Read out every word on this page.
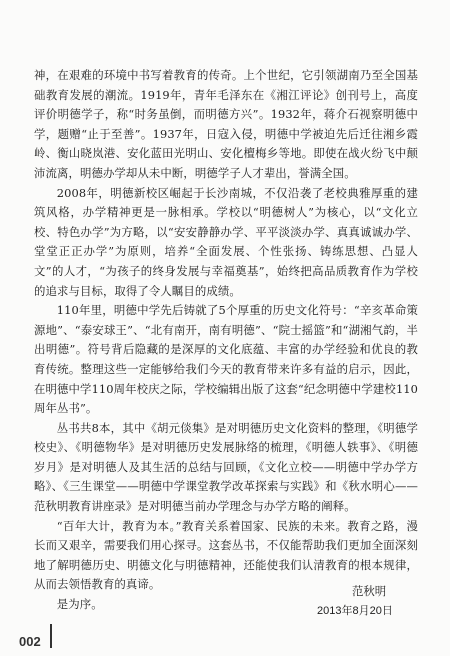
神，在艰难的环境中书写着教育的传奇。上个世纪，它引领湖南乃至全国基础教育发展的潮流。1919年，青年毛泽东在《湘江评论》创刊号上，高度评价明德学子，称“时务虽倒，而明德方兴”。1932年，蒋介石视察明德中学，题赠“止于至善”。1937年，日寇入侵，明德中学被迫先后迁往湘乡霞岭、衡山晓岚港、安化蓝田光明山、安化檀梅乡等地。即使在战火纷飞中颠沛流离，明德办学却从未中断，明德学子人才辈出，誉满全国。

2008年，明德新校区崛起于长沙南城，不仅沿袭了老校典雅厚重的建筑风格，办学精神更是一脉相承。学校以“明德树人”为核心，以“文化立校、特色办学”为方略，以“安安静静办学、平平淡淡办学、真真诚诚办学、堂堂正正办学”为原则，培养“全面发展、个性张扬、铸练思想、凸显人文”的人才，“为孩子的终身发展与幸福奠基”，始终把高品质教育作为学校的追求与目标，取得了令人瞩目的成绩。

110年里，明德中学先后铸就了5个厚重的历史文化符号：“辛亥革命策源地”、“泰安球王”、“北有南开，南有明德”、“院士摇篮”和“湖湘气韵，半出明德”。符号背后隐藏的是深厚的文化底蕴、丰富的办学经验和优良的教育传统。整理这些一定能够给我们今天的教育带来许多有益的启示，因此，在明德中学110周年校庆之际，学校编辑出版了这套“纪念明德中学建校110周年丛书”。

丛书共8本，其中《胡元倓集》是对明德历史文化资料的整理，《明德学校史》、《明德物华》是对明德历史发展脉络的梳理，《明德人轶事》、《明德岁月》是对明德人及其生活的总结与回顾，《文化立校——明德中学办学方略》、《三生课堂——明德中学课堂教学改革探索与实践》和《秋水明心——范秋明教育讲座录》是对明德当前办学理念与办学方略的阐释。

“百年大计，教育为本。”教育关系着国家、民族的未来。教育之路，漫长而又艰辛，需要我们用心探寻。这套丛书，不仅能帮助我们更加全面深刻地了解明德历史、明德文化与明德精神，还能使我们认清教育的根本规律，从而去领悟教育的真谛。

是为序。

范秋明
2013年8月20日
002
